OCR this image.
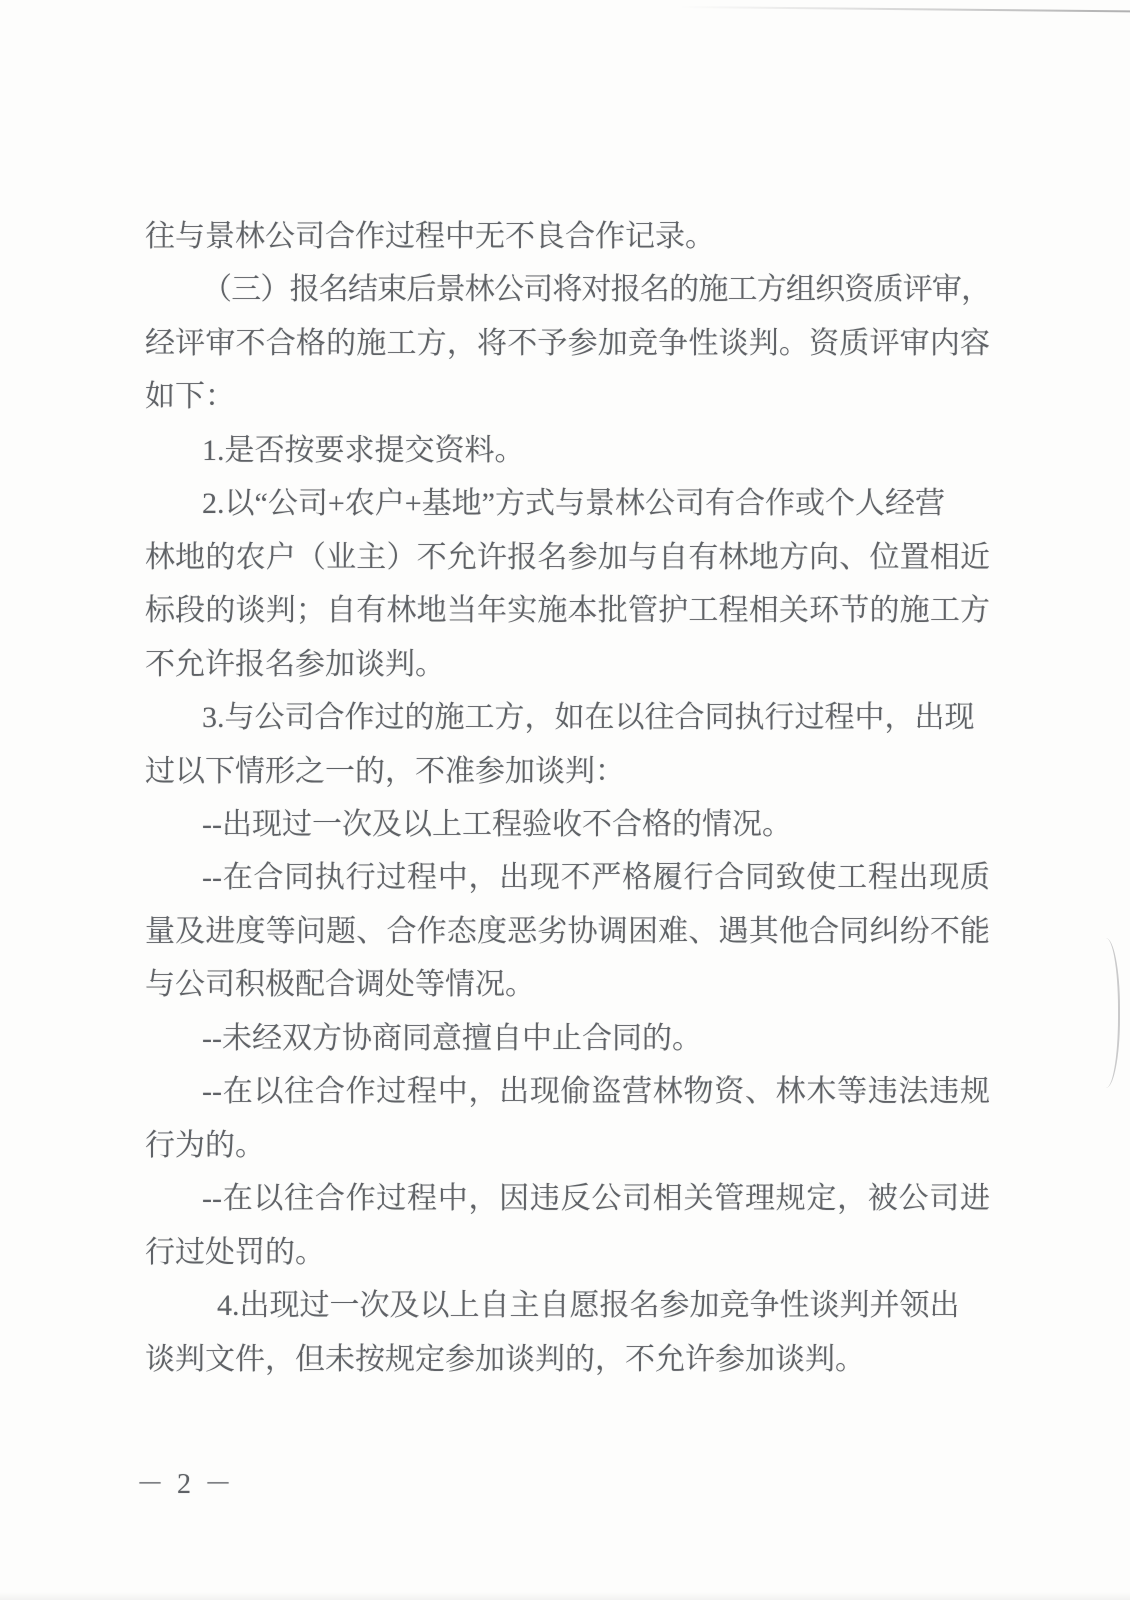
往与景林公司合作过程中无不良合作记录。
（三）报名结束后景林公司将对报名的施工方组织资质评审，
经评审不合格的施工方，将不予参加竞争性谈判。资质评审内容
如下：
1.是否按要求提交资料。
2.以“公司+农户+基地”方式与景林公司有合作或个人经营
林地的农户（业主）不允许报名参加与自有林地方向、位置相近
标段的谈判；自有林地当年实施本批管护工程相关环节的施工方
不允许报名参加谈判。
3.与公司合作过的施工方，如在以往合同执行过程中，出现
过以下情形之一的，不准参加谈判：
--出现过一次及以上工程验收不合格的情况。
--在合同执行过程中，出现不严格履行合同致使工程出现质
量及进度等问题、合作态度恶劣协调困难、遇其他合同纠纷不能
与公司积极配合调处等情况。
--未经双方协商同意擅自中止合同的。
--在以往合作过程中，出现偷盗营林物资、林木等违法违规
行为的。
--在以往合作过程中，因违反公司相关管理规定，被公司进
行过处罚的。
4.出现过一次及以上自主自愿报名参加竞争性谈判并领出
谈判文件，但未按规定参加谈判的，不允许参加谈判。
－ 2 －
